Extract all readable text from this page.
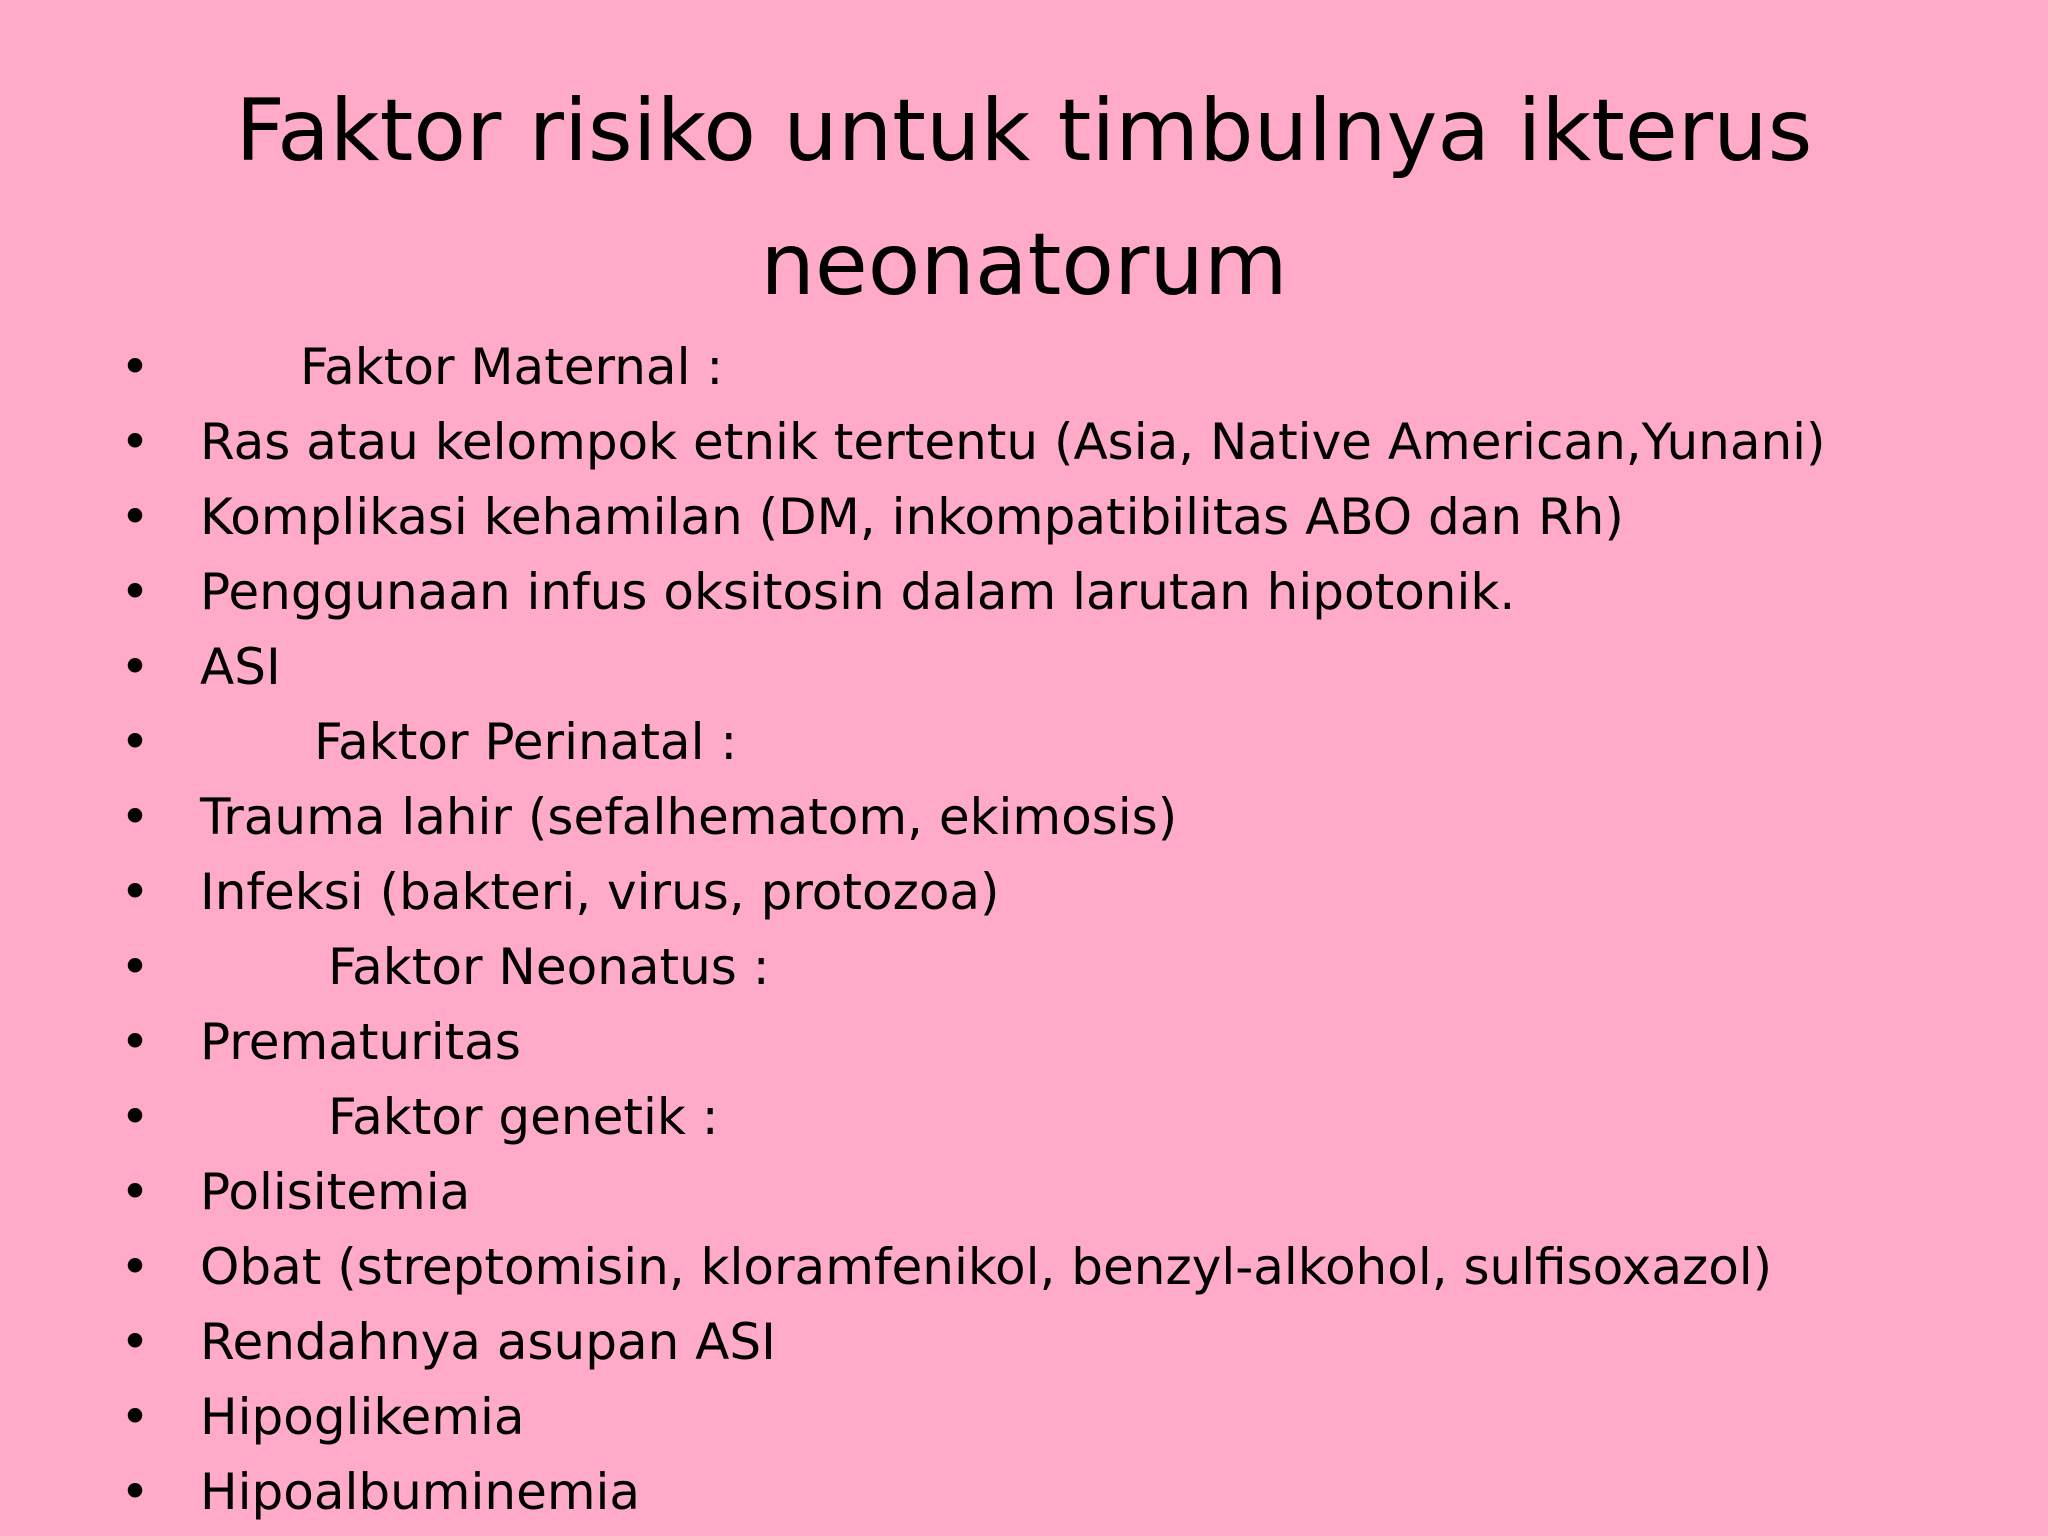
Faktor risiko untuk timbulnya ikterus
neonatorum
•	Faktor Maternal :
• Ras atau kelompok etnik tertentu (Asia, Native American,Yunani)
• Komplikasi kehamilan (DM, inkompatibilitas ABO dan Rh)
• Penggunaan infus oksitosin dalam larutan hipotonik.
• ASI
•	Faktor Perinatal :
• Trauma lahir (sefalhematom, ekimosis)
• Infeksi (bakteri, virus, protozoa)
•	Faktor Neonatus :
• Prematuritas
•	Faktor genetik :
• Polisitemia
• Obat (streptomisin, kloramfenikol, benzyl-alkohol, sulfisoxazol)
• Rendahnya asupan ASI
• Hipoglikemia
• Hipoalbuminemia
